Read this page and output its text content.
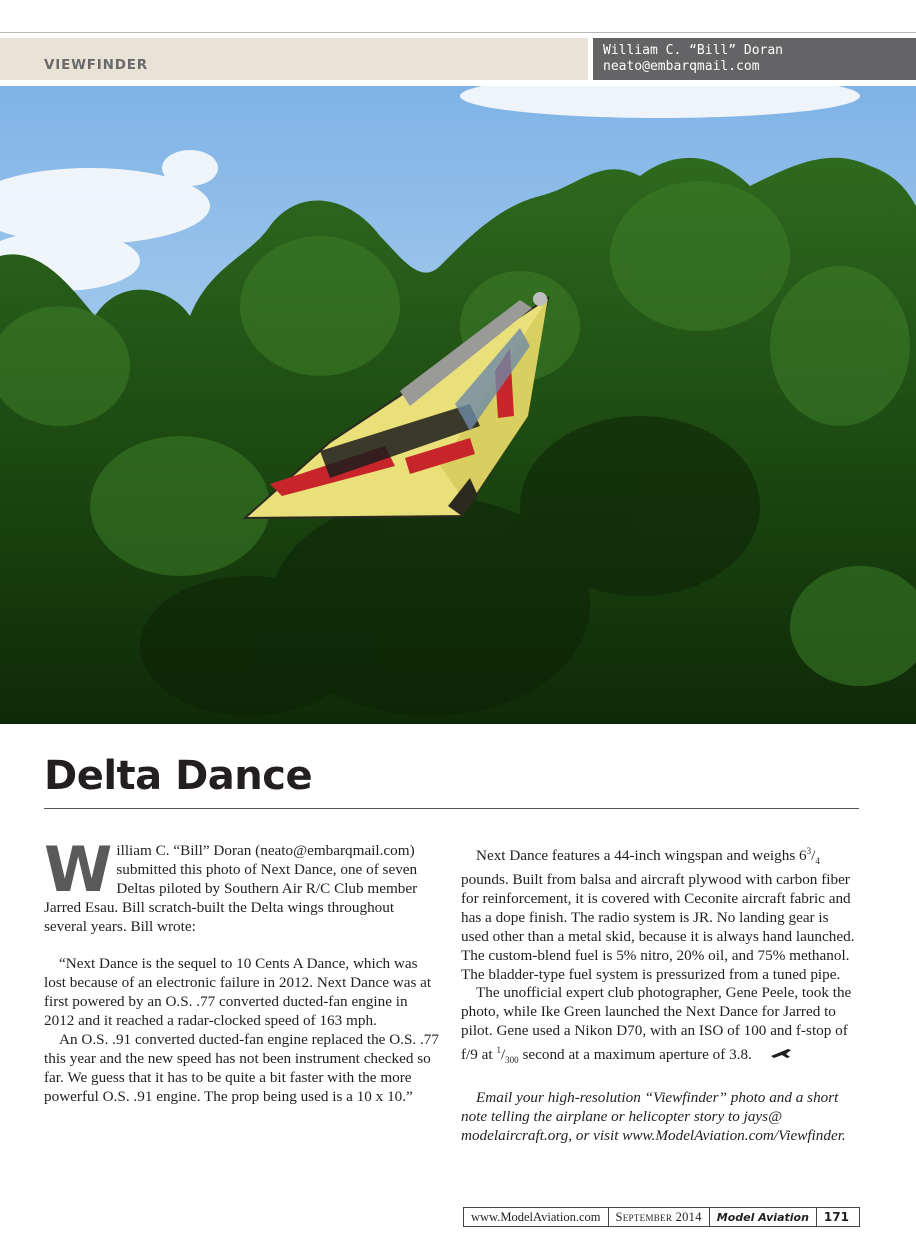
VIEWFINDER
William C. “Bill” Doran
neato@embarqmail.com
Delta Dance

William C. “Bill” Doran (neato@embarqmail.com) submitted this photo of Next Dance, one of seven Deltas piloted by Southern Air R/C Club member Jarred Esau. Bill scratch-built the Delta wings throughout several years. Bill wrote:

“Next Dance is the sequel to 10 Cents A Dance, which was lost because of an electronic failure in 2012. Next Dance was at first powered by an O.S. .77 converted ducted-fan engine in 2012 and it reached a radar-clocked speed of 163 mph.

An O.S. .91 converted ducted-fan engine replaced the O.S. .77 this year and the new speed has not been instrument checked so far. We guess that it has to be quite a bit faster with the more powerful O.S. .91 engine. The prop being used is a 10 x 10.”

Next Dance features a 44-inch wingspan and weighs $6^3/_4$ pounds. Built from balsa and aircraft plywood with carbon fiber for reinforcement, it is covered with Ceconite aircraft fabric and has a dope finish. The radio system is JR. No landing gear is used other than a metal skid, because it is always hand launched. The custom-blend fuel is 5% nitro, 20% oil, and 75% methanol. The bladder-type fuel system is pressurized from a tuned pipe.

The unofficial expert club photographer, Gene Peele, took the photo, while Ike Green launched the Next Dance for Jarred to pilot. Gene used a Nikon D70, with an ISO of 100 and f-stop of f/9 at $^1/_{300}$ second at a maximum aperture of 3.8.

Email your high-resolution “Viewfinder” photo and a short note telling the airplane or helicopter story to jays@ modelaircraft.org, or visit www.ModelAviation.com/Viewfinder.

www.ModelAviation.com	September 2014	Model Aviation	171
